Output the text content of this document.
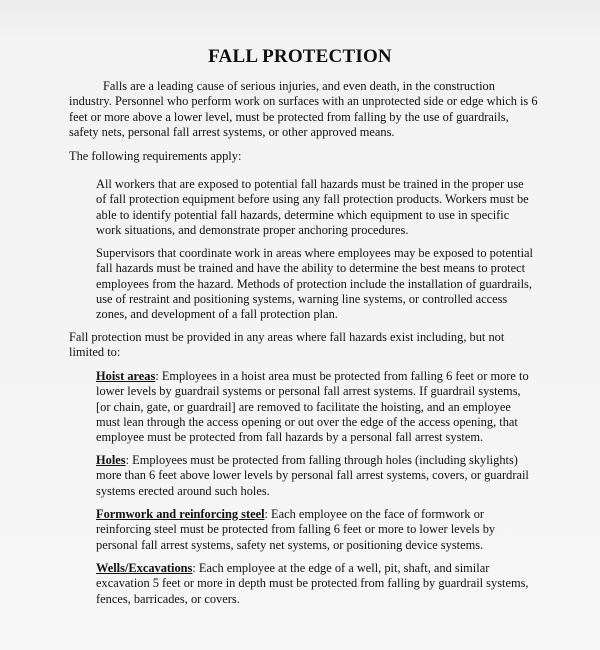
FALL PROTECTION

Falls are a leading cause of serious injuries, and even death, in the construction industry. Personnel who perform work on surfaces with an unprotected side or edge which is 6 feet or more above a lower level, must be protected from falling by the use of guardrails, safety nets, personal fall arrest systems, or other approved means.

The following requirements apply:

All workers that are exposed to potential fall hazards must be trained in the proper use of fall protection equipment before using any fall protection products. Workers must be able to identify potential fall hazards, determine which equipment to use in specific work situations, and demonstrate proper anchoring procedures.

Supervisors that coordinate work in areas where employees may be exposed to potential fall hazards must be trained and have the ability to determine the best means to protect employees from the hazard. Methods of protection include the installation of guardrails, use of restraint and positioning systems, warning line systems, or controlled access zones, and development of a fall protection plan.

Fall protection must be provided in any areas where fall hazards exist including, but not limited to:

Hoist areas: Employees in a hoist area must be protected from falling 6 feet or more to lower levels by guardrail systems or personal fall arrest systems. If guardrail systems, [or chain, gate, or guardrail] are removed to facilitate the hoisting, and an employee must lean through the access opening or out over the edge of the access opening, that employee must be protected from fall hazards by a personal fall arrest system.

Holes: Employees must be protected from falling through holes (including skylights) more than 6 feet above lower levels by personal fall arrest systems, covers, or guardrail systems erected around such holes.

Formwork and reinforcing steel: Each employee on the face of formwork or reinforcing steel must be protected from falling 6 feet or more to lower levels by personal fall arrest systems, safety net systems, or positioning device systems.

Wells/Excavations: Each employee at the edge of a well, pit, shaft, and similar excavation 5 feet or more in depth must be protected from falling by guardrail systems, fences, barricades, or covers.
